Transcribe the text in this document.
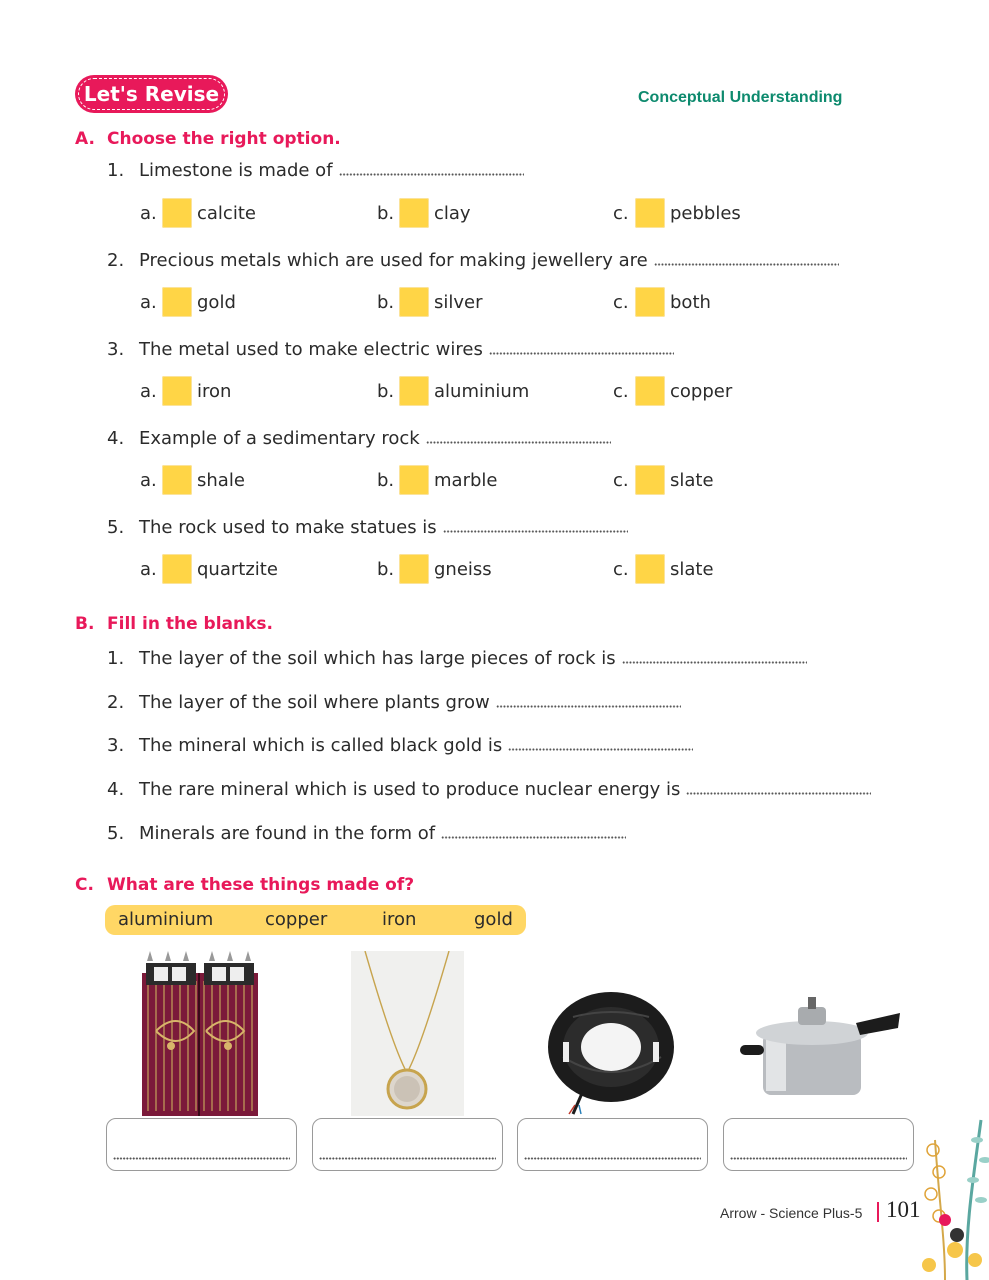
Let's Revise	Conceptual Understanding
A. Choose the right option.
1. Limestone is made of
a. calcite	b. clay	c.	pebbles
2. Precious metals which are used for making jewellery are
a. gold	b. silver	c.	both
3. The metal used to make electric wires
a. iron	b. aluminium	c.	copper
4. Example of a sedimentary rock
a. shale	b. marble	c.	slate
5. The rock used to make statues is
a. quartzite	b. gneiss	c.	slate
B. Fill in the blanks.
1. The layer of the soil which has large pieces of rock is
2. The layer of the soil where plants grow
3. The mineral which is called black gold is
4. The rare mineral which is used to produce nuclear energy is
5. Minerals are found in the form of
C. What are these things made of?
aluminium	copper	iron	gold
Arrow - Science Plus-5 101
